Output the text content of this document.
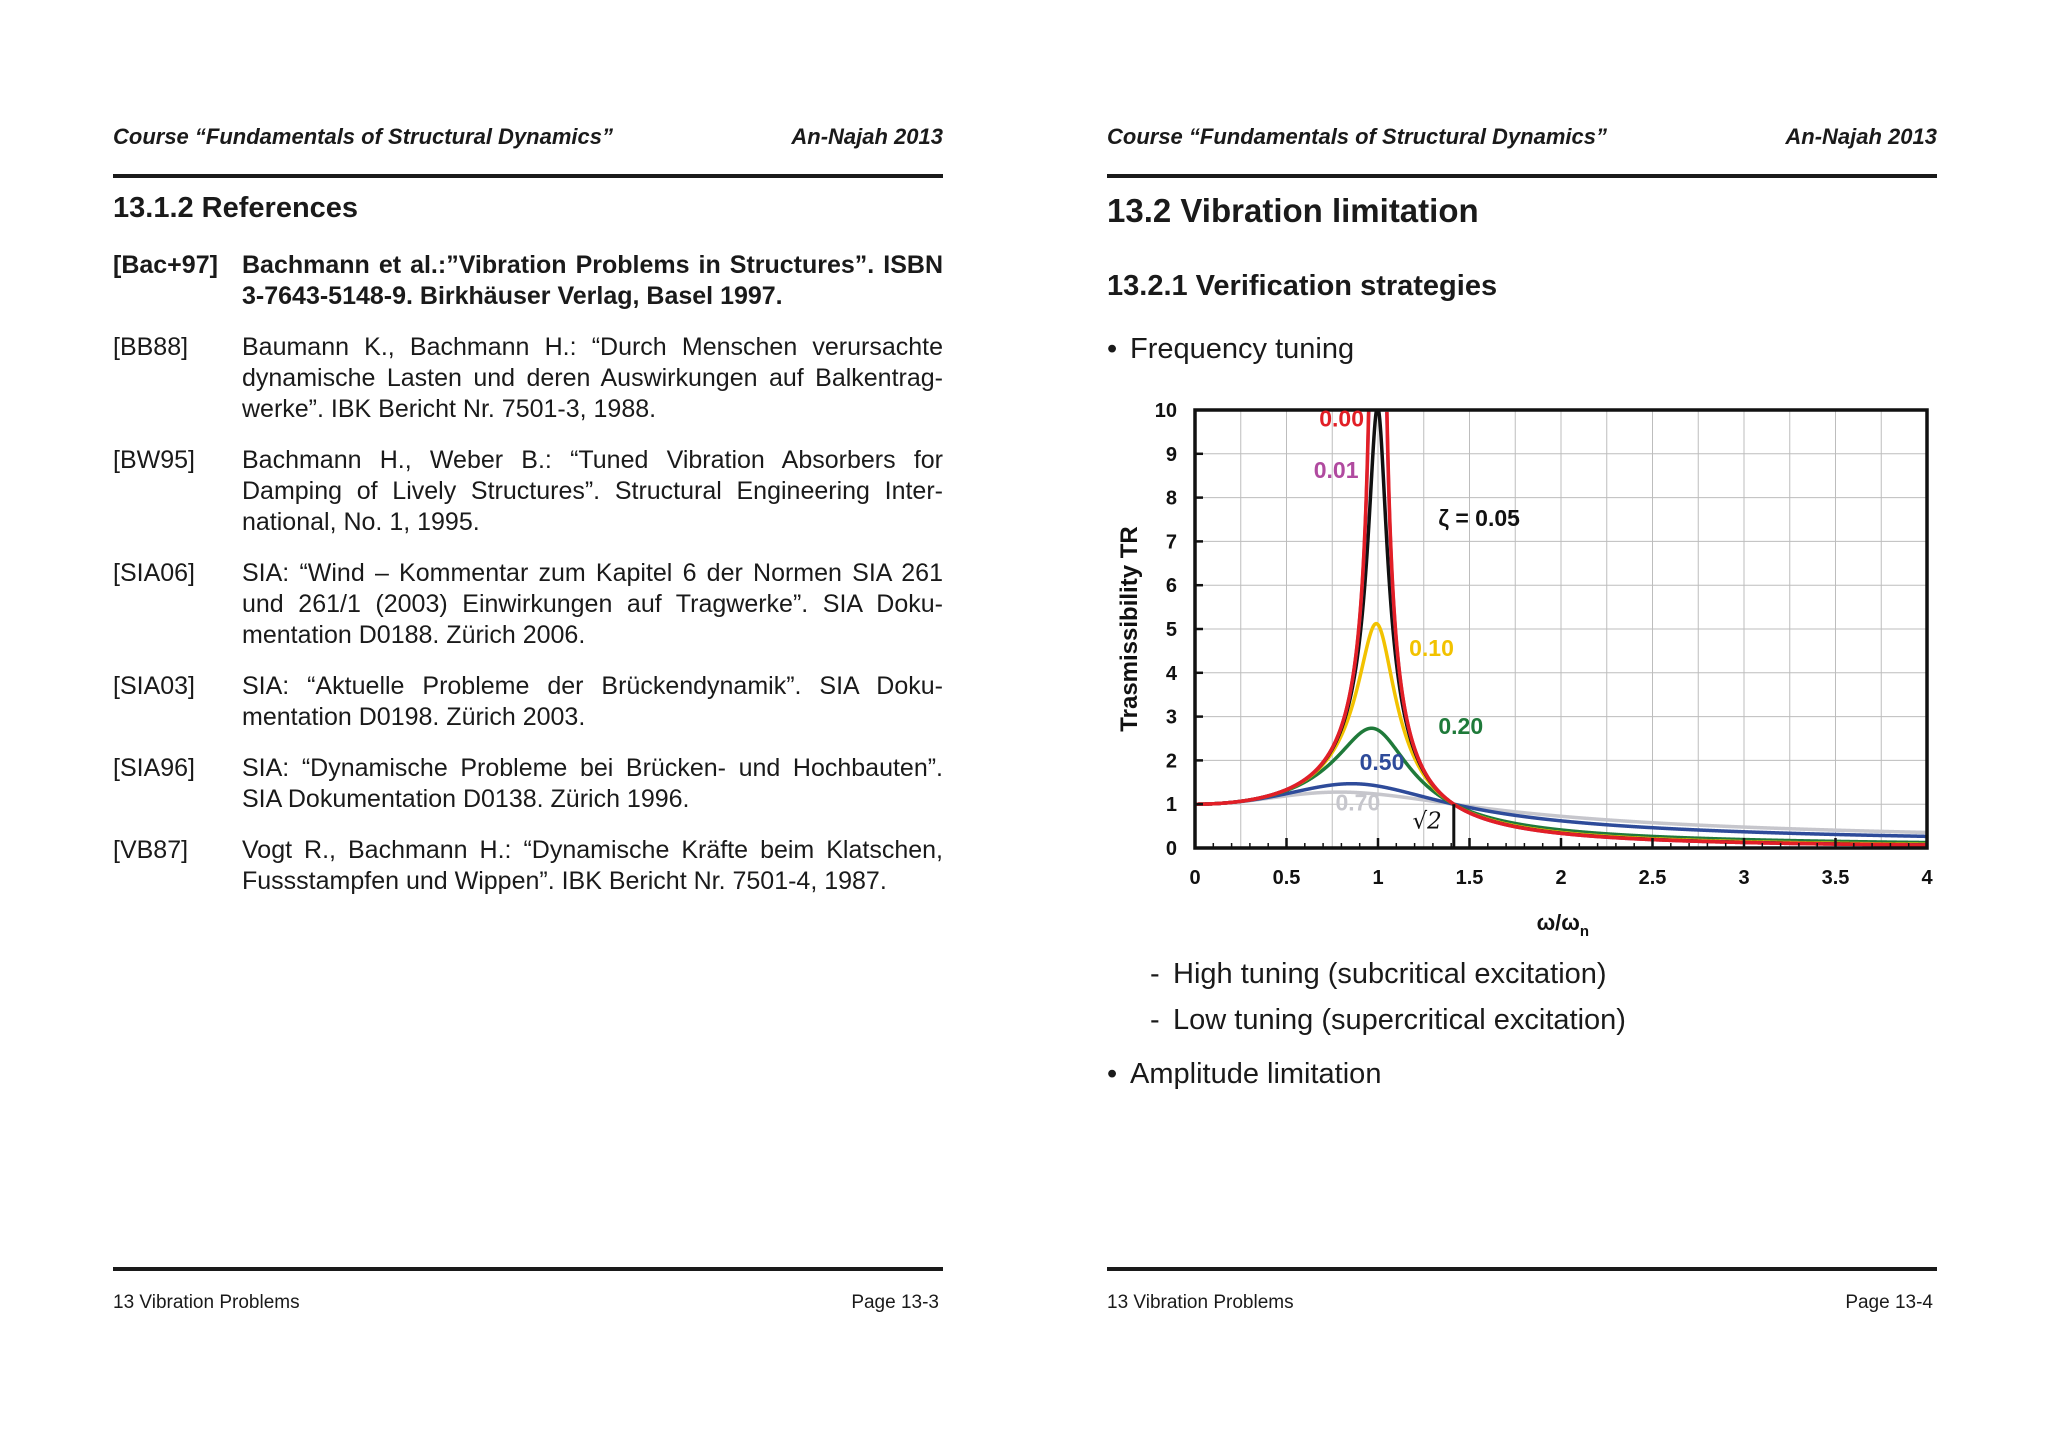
Course “Fundamentals of Structural Dynamics”	An-Najah 2013
13.1.2 References
[Bac+97] Bachmann et al.:”Vibration Problems in Structures”. ISBN 3-7643-5148-9. Birkhäuser Verlag, Basel 1997.
[BB88] Baumann K., Bachmann H.: “Durch Menschen verursachte dynamische Lasten und deren Auswirkungen auf Balkentrag-werke”. IBK Bericht Nr. 7501-3, 1988.
[BW95] Bachmann H., Weber B.: “Tuned Vibration Absorbers for Damping of Lively Structures”. Structural Engineering Inter-national, No. 1, 1995.
[SIA06] SIA: “Wind – Kommentar zum Kapitel 6 der Normen SIA 261 und 261/1 (2003) Einwirkungen auf Tragwerke”. SIA Doku-mentation D0188. Zürich 2006.
[SIA03] SIA: “Aktuelle Probleme der Brückendynamik”. SIA Doku-mentation D0198. Zürich 2003.
[SIA96] SIA: “Dynamische Probleme bei Brücken- und Hochbauten”. SIA Dokumentation D0138. Zürich 1996.
[VB87] Vogt R., Bachmann H.: “Dynamische Kräfte beim Klatschen, Fussstampfen und Wippen”. IBK Bericht Nr. 7501-4, 1987.
13 Vibration Problems	Page 13-3
Course “Fundamentals of Structural Dynamics”	An-Najah 2013
13.2 Vibration limitation
13.2.1 Verification strategies
• Frequency tuning
0	0.5	1	1.5	2	2.5	3	3.5	4
0
1
2
3
4
5
6
7
8
9
10
$\omega/\omega_n$
Trasmissibility TR
0.70
0.50
0.20
0.10
ζ = 0.05
0.01
0.00
√2
- High tuning (subcritical excitation)
- Low tuning (supercritical excitation)
• Amplitude limitation
13 Vibration Problems	Page 13-4
